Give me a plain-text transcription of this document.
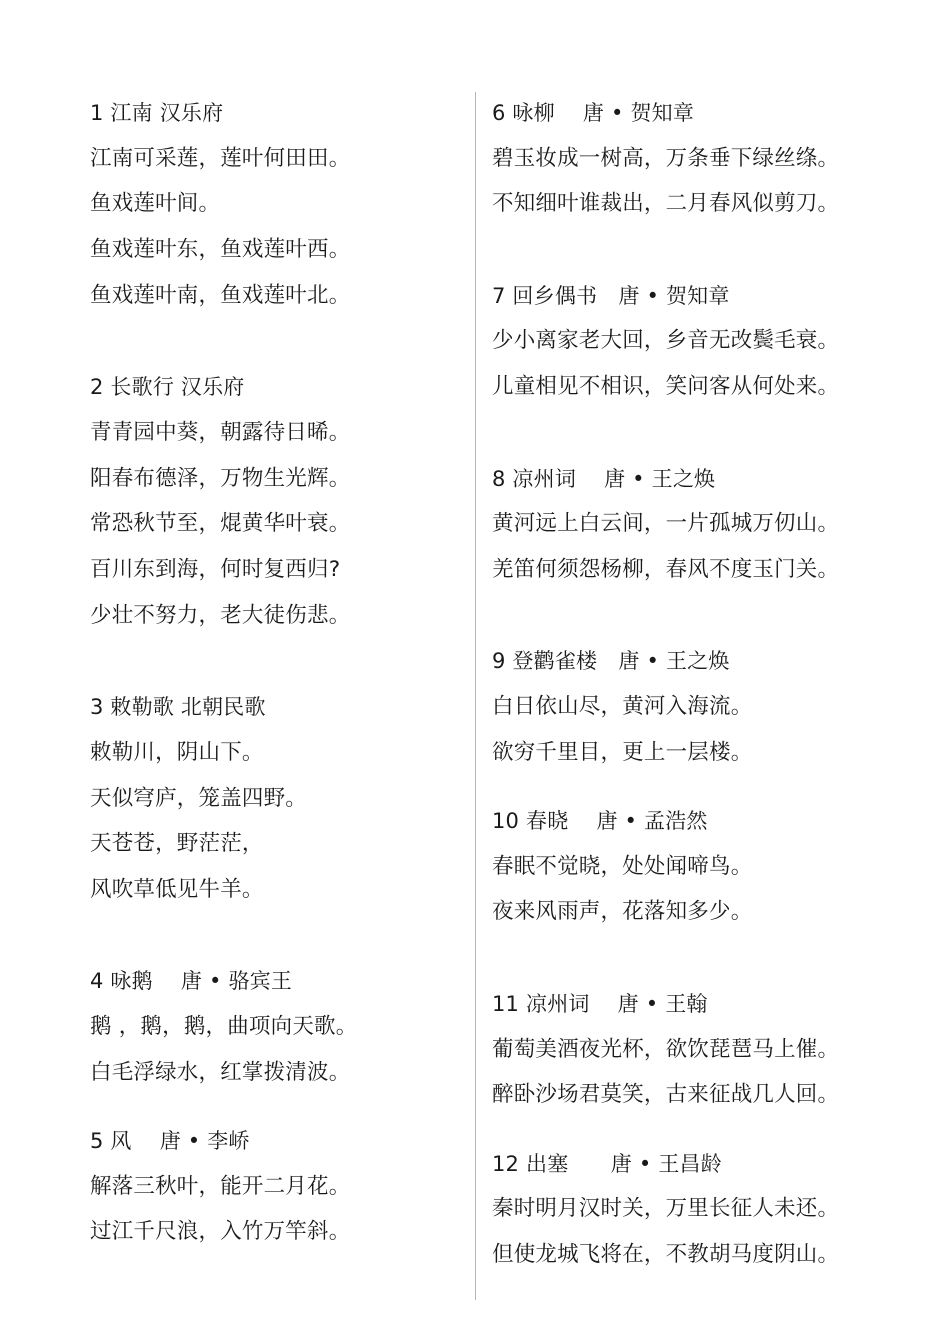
1 江南 汉乐府
江南可采莲，莲叶何田田。
鱼戏莲叶间。
鱼戏莲叶东，鱼戏莲叶西。
鱼戏莲叶南，鱼戏莲叶北。
2 长歌行 汉乐府
青青园中葵，朝露待日晞。
阳春布德泽，万物生光辉。
常恐秋节至，焜黄华叶衰。
百川东到海，何时复西归?
少壮不努力，老大徒伤悲。
3 敕勒歌 北朝民歌
敕勒川，阴山下。
天似穹庐，笼盖四野。
天苍苍，野茫茫，
风吹草低见牛羊。
4 咏鹅　 唐 • 骆宾王
鹅 ，鹅，鹅，曲项向天歌。
白毛浮绿水，红掌拨清波。
5 风　 唐 • 李峤
解落三秋叶，能开二月花。
过江千尺浪，入竹万竿斜。
6 咏柳　 唐 • 贺知章
碧玉妆成一树高，万条垂下绿丝绦。
不知细叶谁裁出，二月春风似剪刀。
7 回乡偶书　唐 • 贺知章
少小离家老大回，乡音无改鬓毛衰。
儿童相见不相识，笑问客从何处来。
8 凉州词　 唐 • 王之焕
黄河远上白云间，一片孤城万仞山。
羌笛何须怨杨柳，春风不度玉门关。
9 登鹳雀楼　唐 • 王之焕
白日依山尽，黄河入海流。
欲穷千里目，更上一层楼。
10 春晓　 唐 • 孟浩然
春眠不觉晓，处处闻啼鸟。
夜来风雨声，花落知多少。
11 凉州词　 唐 • 王翰
葡萄美酒夜光杯，欲饮琵琶马上催。
醉卧沙场君莫笑，古来征战几人回。
12 出塞　　唐 • 王昌龄
秦时明月汉时关，万里长征人未还。
但使龙城飞将在，不教胡马度阴山。
